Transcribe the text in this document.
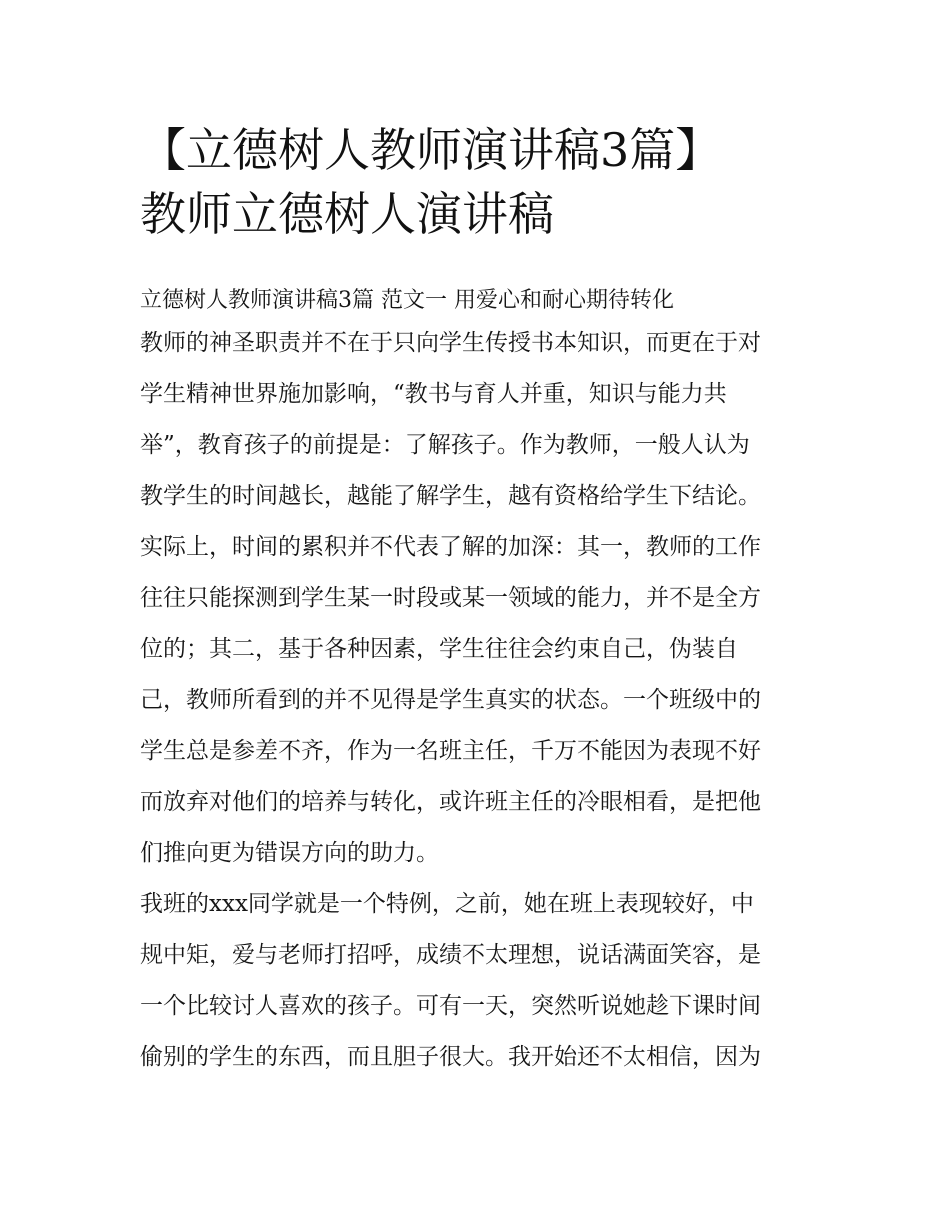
【立德树人教师演讲稿3篇】
教师立德树人演讲稿

立德树人教师演讲稿3篇 范文一 用爱心和耐心期待转化

教师的神圣职责并不在于只向学生传授书本知识，而更在于对
学生精神世界施加影响，“教书与育人并重，知识与能力共
举”，教育孩子的前提是：了解孩子。作为教师，一般人认为
教学生的时间越长，越能了解学生，越有资格给学生下结论。
实际上，时间的累积并不代表了解的加深：其一，教师的工作
往往只能探测到学生某一时段或某一领域的能力，并不是全方
位的；其二，基于各种因素，学生往往会约束自己，伪装自
己，教师所看到的并不见得是学生真实的状态。一个班级中的
学生总是参差不齐，作为一名班主任，千万不能因为表现不好
而放弃对他们的培养与转化，或许班主任的冷眼相看，是把他
们推向更为错误方向的助力。
我班的xxx同学就是一个特例，之前，她在班上表现较好，中
规中矩，爱与老师打招呼，成绩不太理想，说话满面笑容，是
一个比较讨人喜欢的孩子。可有一天，突然听说她趁下课时间
偷别的学生的东西，而且胆子很大。我开始还不太相信，因为
